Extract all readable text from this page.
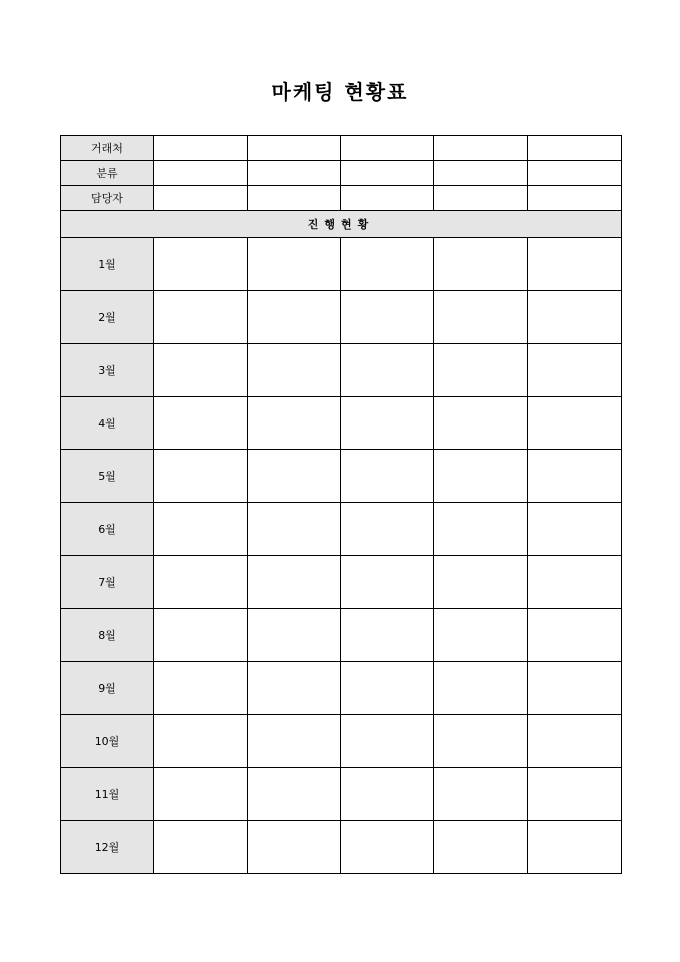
마케팅 현황표
거래처					
분류					
담당자					
진행현황					
1월					
2월					
3월					
4월					
5월					
6월					
7월					
8월					
9월					
10월					
11월					
12월					
